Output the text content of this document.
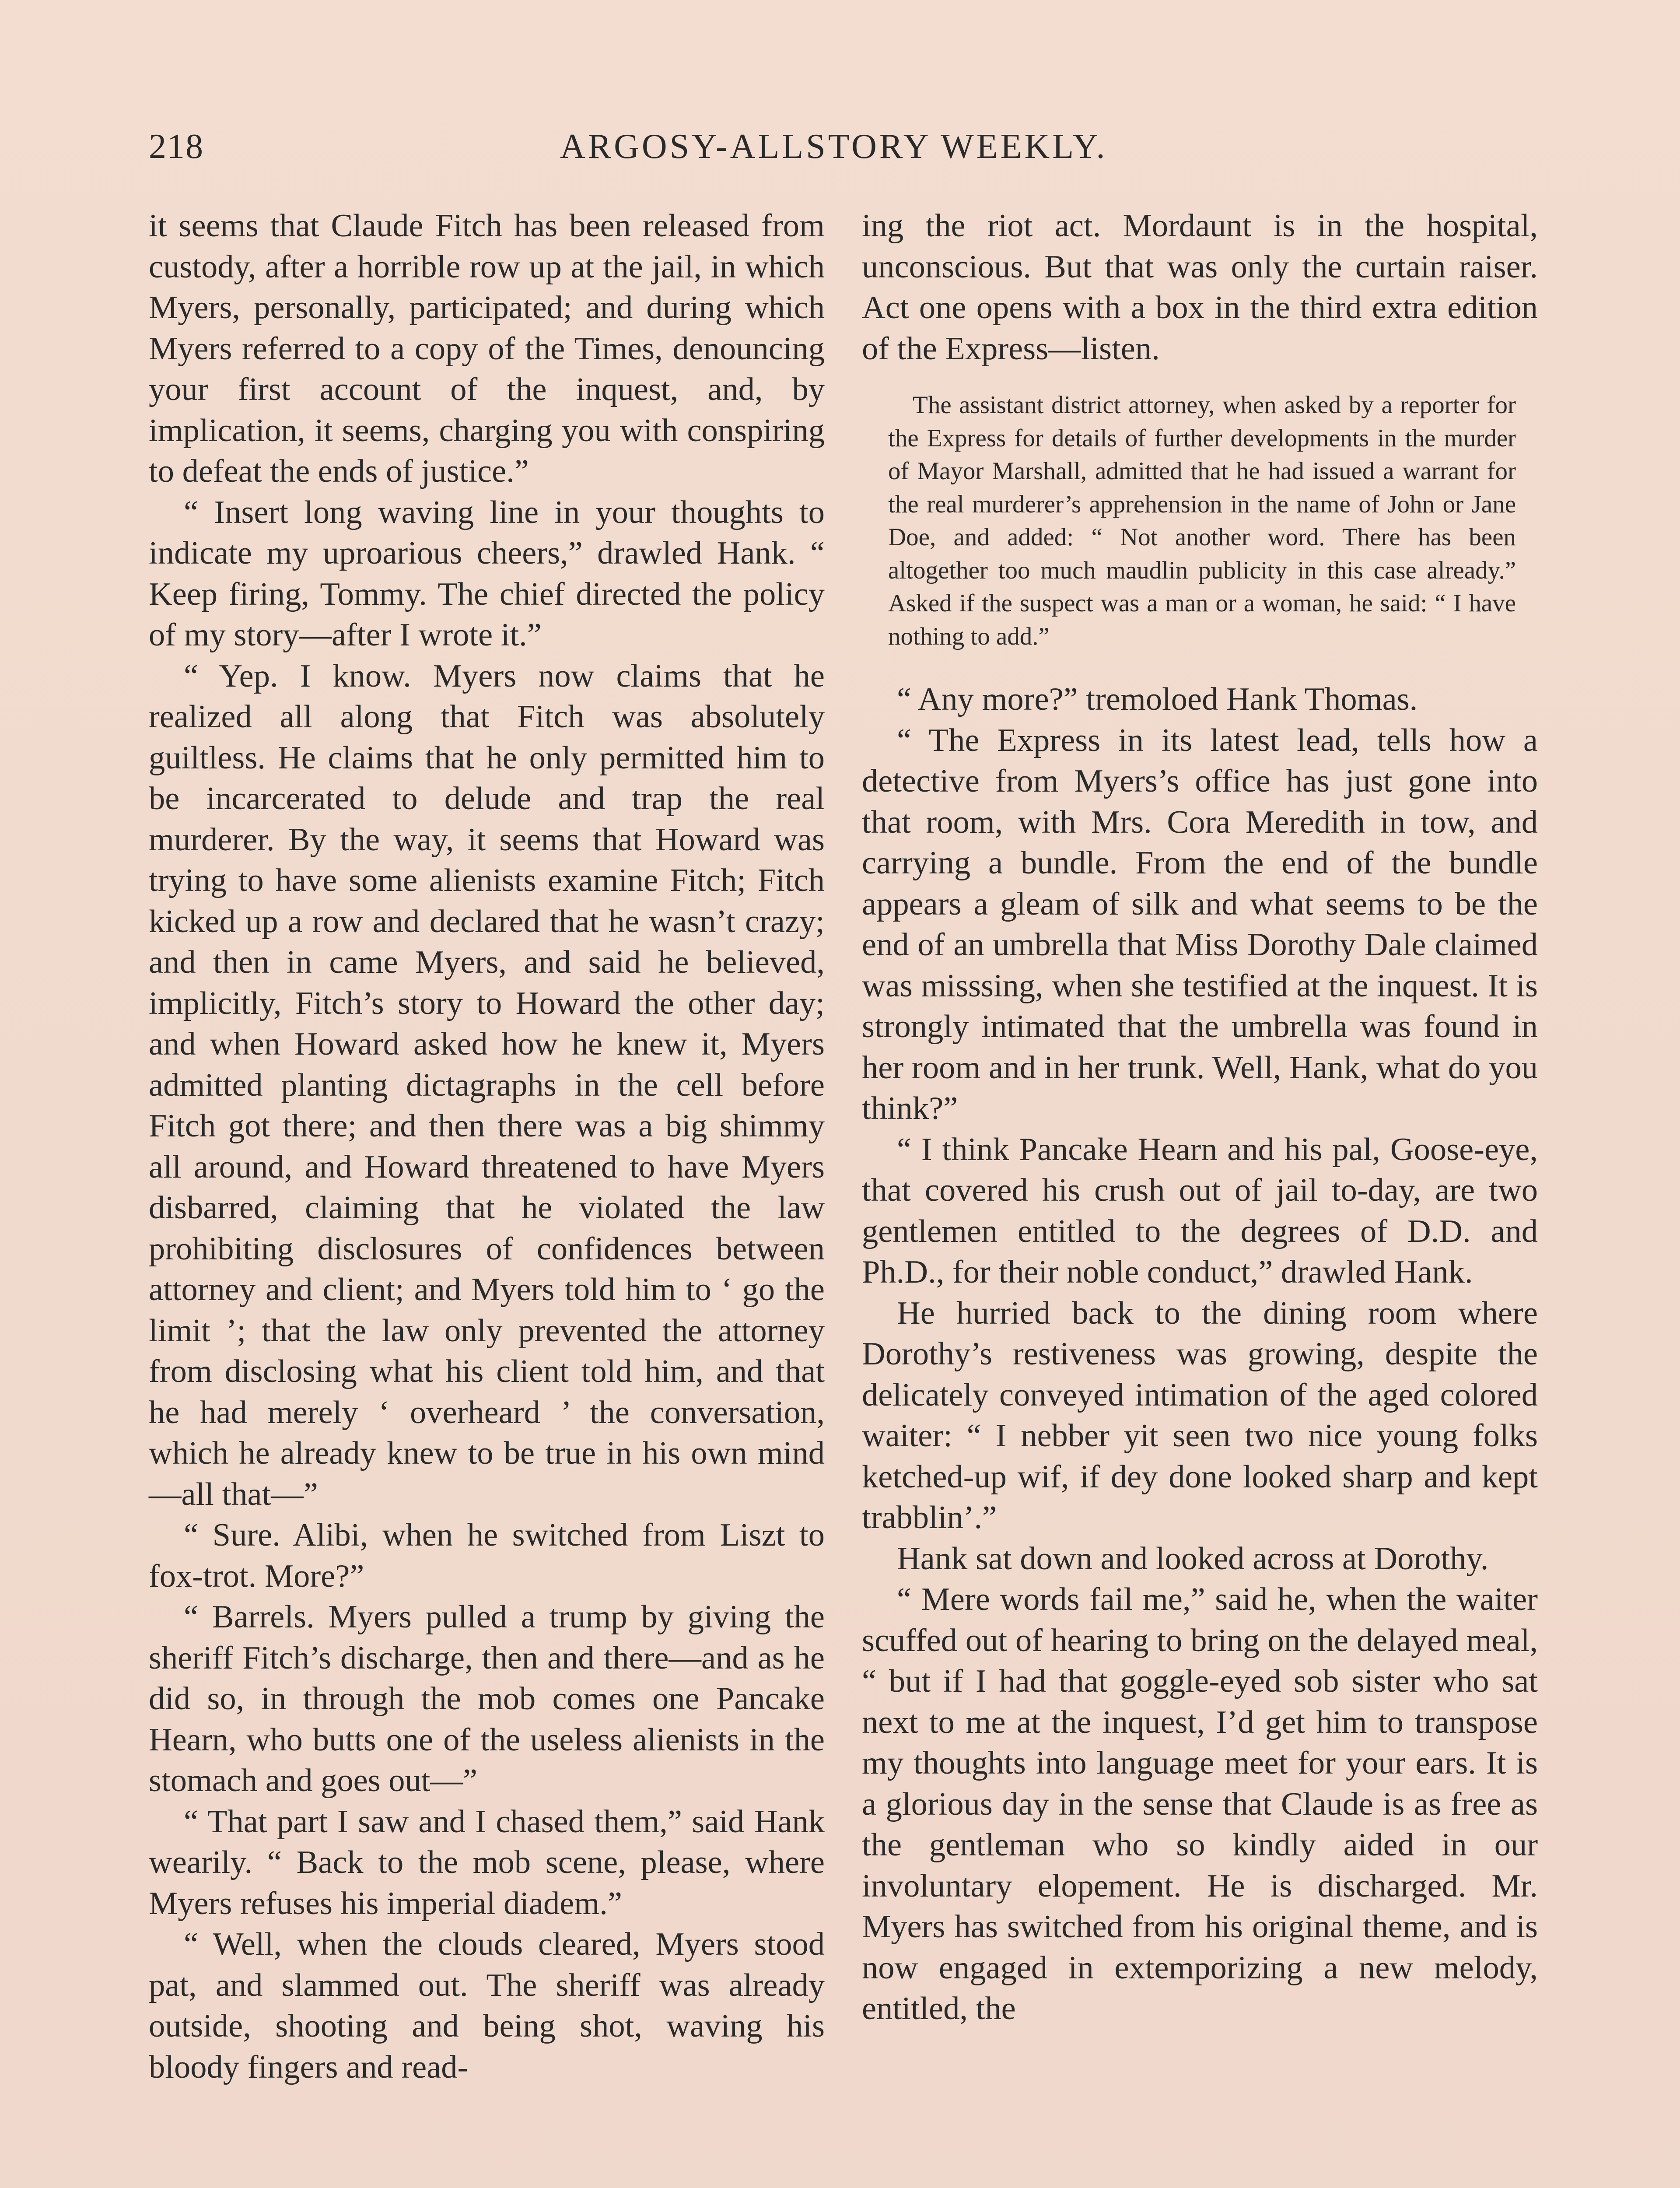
218	ARGOSY-ALLSTORY WEEKLY.

it seems that Claude Fitch has been released from custody, after a horrible row up at the jail, in which Myers, personally, participated; and during which Myers referred to a copy of the Times, denouncing your first account of the inquest, and, by implication, it seems, charging you with conspiring to defeat the ends of justice.”

“ Insert long waving line in your thoughts to indicate my uproarious cheers,” drawled Hank. “ Keep firing, Tommy. The chief directed the policy of my story—after I wrote it.”

“ Yep. I know. Myers now claims that he realized all along that Fitch was absolutely guiltless. He claims that he only permitted him to be incarcerated to delude and trap the real murderer. By the way, it seems that Howard was trying to have some alienists examine Fitch; Fitch kicked up a row and declared that he wasn’t crazy; and then in came Myers, and said he believed, implicitly, Fitch’s story to Howard the other day; and when Howard asked how he knew it, Myers admitted planting dictagraphs in the cell before Fitch got there; and then there was a big shimmy all around, and Howard threatened to have Myers disbarred, claiming that he violated the law prohibiting disclosures of confidences between attorney and client; and Myers told him to ‘ go the limit ’; that the law only prevented the attorney from disclosing what his client told him, and that he had merely ‘ overheard ’ the conversation, which he already knew to be true in his own mind—all that—”

“ Sure. Alibi, when he switched from Liszt to fox-trot. More?”

“ Barrels. Myers pulled a trump by giving the sheriff Fitch’s discharge, then and there—and as he did so, in through the mob comes one Pancake Hearn, who butts one of the useless alienists in the stomach and goes out—”

“ That part I saw and I chased them,” said Hank wearily. “ Back to the mob scene, please, where Myers refuses his imperial diadem.”

“ Well, when the clouds cleared, Myers stood pat, and slammed out. The sheriff was already outside, shooting and being shot, waving his bloody fingers and read-

ing the riot act. Mordaunt is in the hospital, unconscious. But that was only the curtain raiser. Act one opens with a box in the third extra edition of the Express—listen.

The assistant district attorney, when asked by a reporter for the Express for details of further developments in the murder of Mayor Marshall, admitted that he had issued a warrant for the real murderer’s apprehension in the name of John or Jane Doe, and added: “ Not another word. There has been altogether too much maudlin publicity in this case already.” Asked if the suspect was a man or a woman, he said: “ I have nothing to add.”

“ Any more?” tremoloed Hank Thomas.

“ The Express in its latest lead, tells how a detective from Myers’s office has just gone into that room, with Mrs. Cora Meredith in tow, and carrying a bundle. From the end of the bundle appears a gleam of silk and what seems to be the end of an umbrella that Miss Dorothy Dale claimed was misssing, when she testified at the inquest. It is strongly intimated that the umbrella was found in her room and in her trunk. Well, Hank, what do you think?”

“ I think Pancake Hearn and his pal, Goose-eye, that covered his crush out of jail to-day, are two gentlemen entitled to the degrees of D.D. and Ph.D., for their noble conduct,” drawled Hank.

He hurried back to the dining room where Dorothy’s restiveness was growing, despite the delicately conveyed intimation of the aged colored waiter: “ I nebber yit seen two nice young folks ketched-up wif, if dey done looked sharp and kept trabblin’.”

Hank sat down and looked across at Dorothy.

“ Mere words fail me,” said he, when the waiter scuffed out of hearing to bring on the delayed meal, “ but if I had that goggle-eyed sob sister who sat next to me at the inquest, I’d get him to transpose my thoughts into language meet for your ears. It is a glorious day in the sense that Claude is as free as the gentleman who so kindly aided in our involuntary elopement. He is discharged. Mr. Myers has switched from his original theme, and is now engaged in extemporizing a new melody, entitled, the
